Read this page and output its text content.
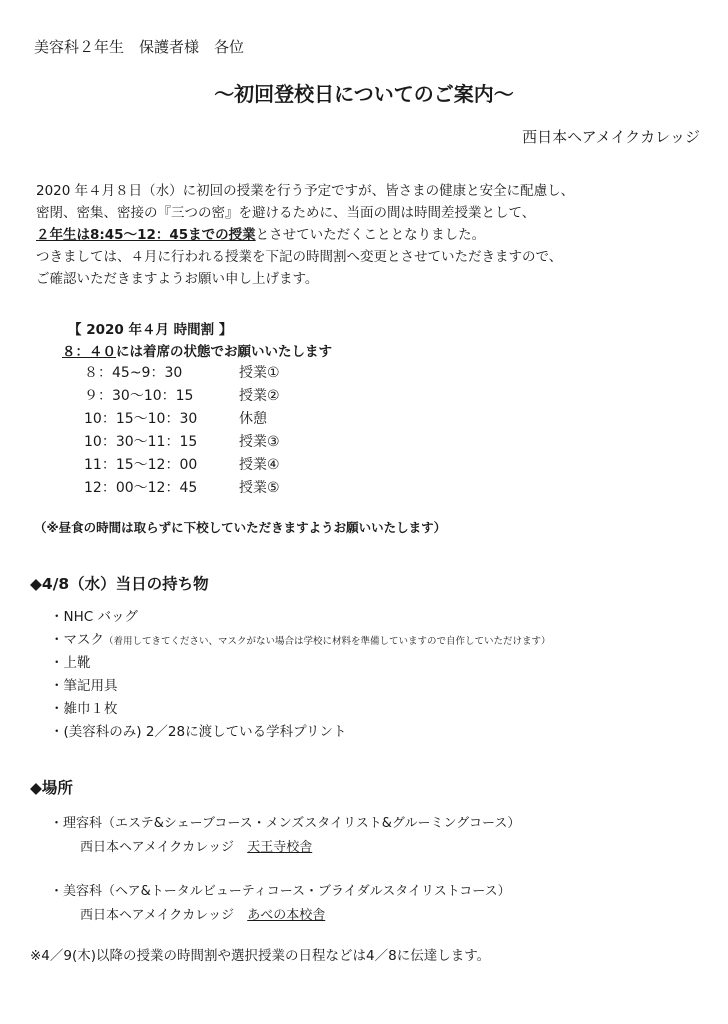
美容科２年生　保護者様　各位
～初回登校日についてのご案内～
西日本ヘアメイクカレッジ
2020 年４月８日（水）に初回の授業を行う予定ですが、皆さまの健康と安全に配慮し、
密閉、密集、密接の『三つの密』を避けるために、当面の間は時間差授業として、
２年生は8:45～12：45までの授業とさせていただくこととなりました。
つきましては、４月に行われる授業を下記の時間割へ変更とさせていただきますので、
ご確認いただきますようお願い申し上げます。
【 2020 年４月 時間割 】
８：４０には着席の状態でお願いいたします
８：45~9：30	授業①
９：30～10：15	授業②
10：15～10：30	休憩
10：30～11：15	授業③
11：15～12：00	授業④
12：00～12：45	授業⑤
（※昼食の時間は取らずに下校していただきますようお願いいたします）
◆4/8（水）当日の持ち物
・NHC バッグ
・マスク（着用してきてください、マスクがない場合は学校に材料を準備していますので自作していただけます）
・上靴
・筆記用具
・雑巾１枚
・(美容科のみ) 2／28に渡している学科プリント
◆場所
・理容科（エステ&シェーブコース・メンズスタイリスト&グルーミングコース）
西日本ヘアメイクカレッジ　 天王寺校舎
・美容科（ヘア&トータルビューティコース・ブライダルスタイリストコース）
西日本ヘアメイクカレッジ　 あべの本校舎
※4／9(木)以降の授業の時間割や選択授業の日程などは4／8に伝達します。
